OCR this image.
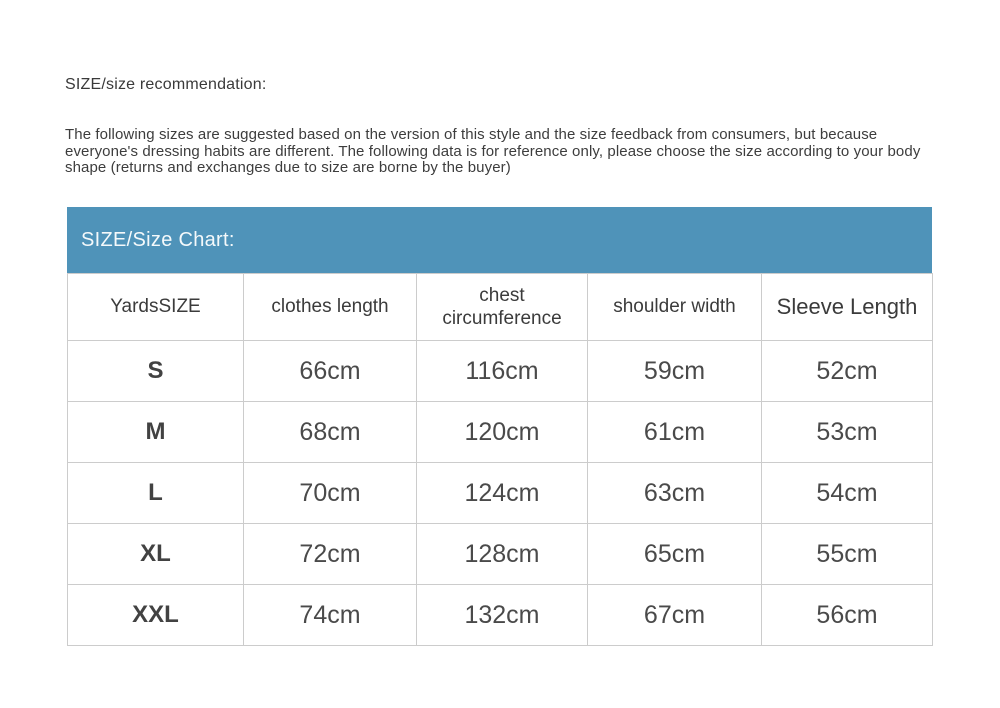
SIZE/size recommendation:

The following sizes are suggested based on the version of this style and the size feedback from consumers, but because everyone's dressing habits are different. The following data is for reference only, please choose the size according to your body shape (returns and exchanges due to size are borne by the buyer)

SIZE/Size Chart:
YardsSIZE	clothes length	chest circumference	shoulder width	Sleeve Length
S	66cm	116cm	59cm	52cm
M	68cm	120cm	61cm	53cm
L	70cm	124cm	63cm	54cm
XL	72cm	128cm	65cm	55cm
XXL	74cm	132cm	67cm	56cm
